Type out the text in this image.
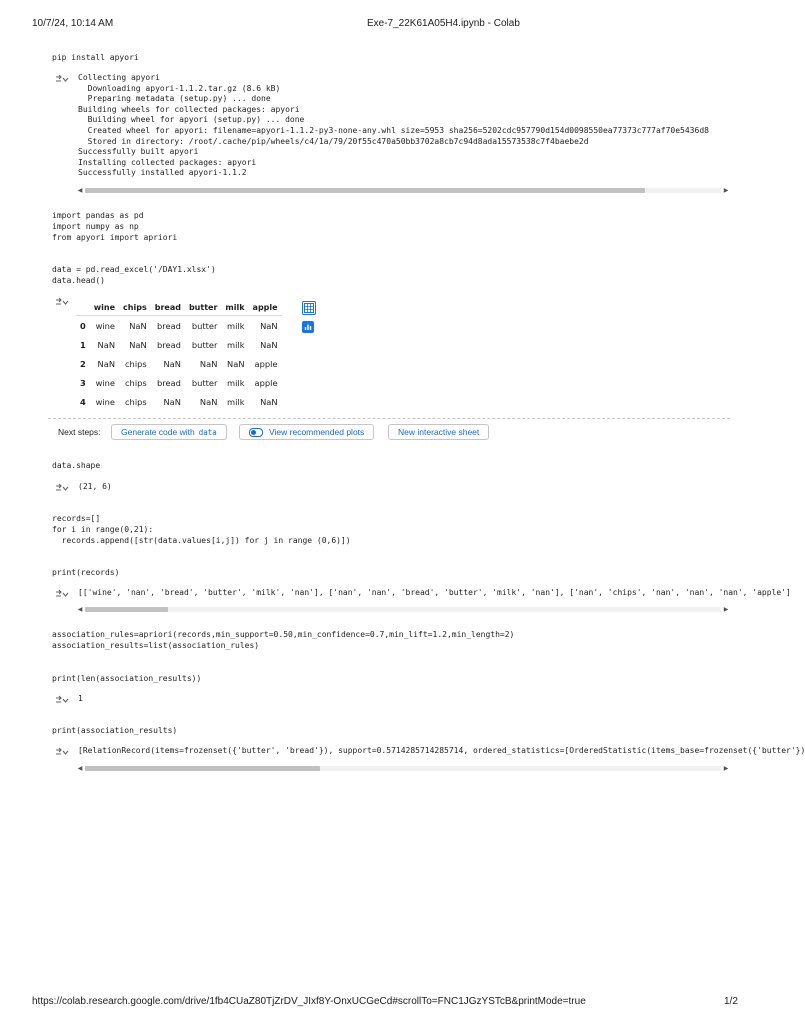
10/7/24, 10:14 AM	Exe-7_22K61A05H4.ipynb - Colab
pip install apyori
Collecting apyori
Downloading apyori-1.1.2.tar.gz (8.6 kB)
Preparing metadata (setup.py) ... done
Building wheels for collected packages: apyori
Building wheel for apyori (setup.py) ... done
Created wheel for apyori: filename=apyori-1.1.2-py3-none-any.whl size=5953 sha256=5202cdc957790d154d0098550ea77373c777af70e5436d8
Stored in directory: /root/.cache/pip/wheels/c4/1a/79/20f55c470a50bb3702a8cb7c94d8ada15573538c7f4baebe2d
Successfully built apyori
Installing collected packages: apyori
Successfully installed apyori-1.1.2
◀	▶
import pandas as pd
import numpy as np
from apyori import apriori
data = pd.read_excel('/DAY1.xlsx')
data.head()
	wine	chips	bread	butter	milk	apple
0	wine	NaN	bread	butter	milk	NaN
1	NaN	NaN	bread	butter	milk	NaN
2	NaN	chips	NaN	NaN	NaN	apple
3	wine	chips	bread	butter	milk	apple
4	wine	chips	NaN	NaN	milk	NaN
Next steps: Generate code with data	View recommended plots	New interactive sheet
data.shape
(21, 6)
records=[]
for i in range(0,21):
records.append([str(data.values[i,j]) for j in range (0,6)])
print(records)
[['wine', 'nan', 'bread', 'butter', 'milk', 'nan'], ['nan', 'nan', 'bread', 'butter', 'milk', 'nan'], ['nan', 'chips', 'nan', 'nan', 'nan', 'apple']
◀	▶
association_rules=apriori(records,min_support=0.50,min_confidence=0.7,min_lift=1.2,min_length=2)
association_results=list(association_rules)
print(len(association_results))
1
print(association_results)
[RelationRecord(items=frozenset({'butter', 'bread'}), support=0.5714285714285714, ordered_statistics=[OrderedStatistic(items_base=frozenset({'butter'})
◀	▶
https://colab.research.google.com/drive/1fb4CUaZ80TjZrDV_JIxf8Y-OnxUCGeCd#scrollTo=FNC1JGzYSTcB&printMode=true	1/2
